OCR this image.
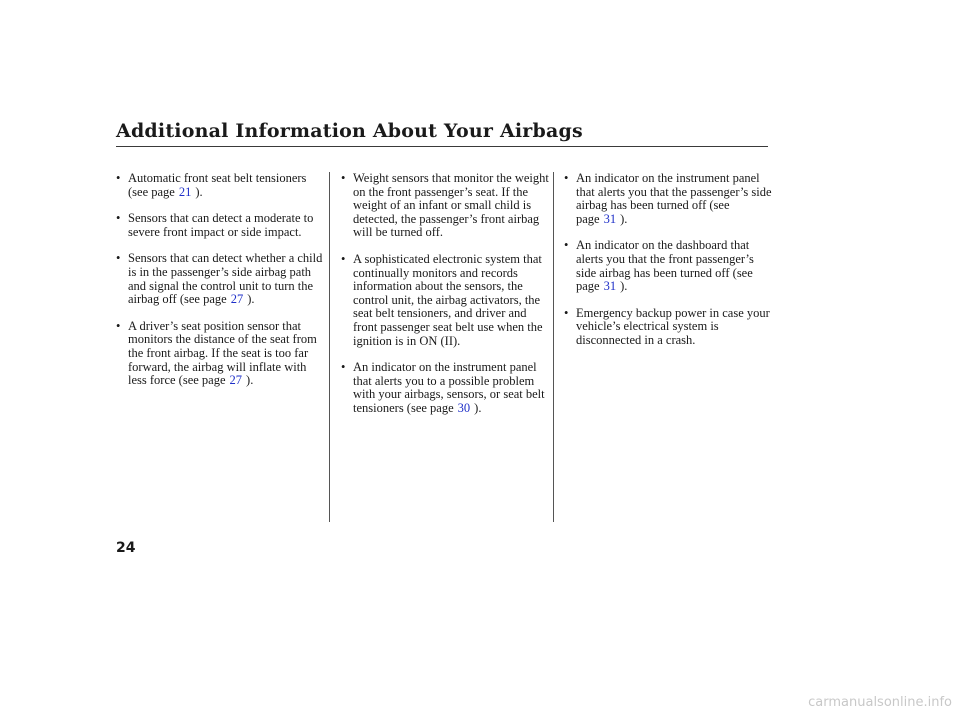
Additional Information About Your Airbags
• Automatic front seat belt tensioners (see page 21 ).
• Sensors that can detect a moderate to severe front impact or side impact.
• Sensors that can detect whether a child is in the passenger’s side airbag path and signal the control unit to turn the airbag off (see page 27 ).
• A driver’s seat position sensor that monitors the distance of the seat from the front airbag. If the seat is too far forward, the airbag will inflate with less force (see page 27 ).
• Weight sensors that monitor the weight on the front passenger’s seat. If the weight of an infant or small child is detected, the passenger’s front airbag will be turned off.
• A sophisticated electronic system that continually monitors and records information about the sensors, the control unit, the airbag activators, the seat belt tensioners, and driver and front passenger seat belt use when the ignition is in ON (II).
• An indicator on the instrument panel that alerts you to a possible problem with your airbags, sensors, or seat belt tensioners (see page 30 ).
• An indicator on the instrument panel that alerts you that the passenger’s side airbag has been turned off (see page 31 ).
• An indicator on the dashboard that alerts you that the front passenger’s side airbag has been turned off (see page 31 ).
• Emergency backup power in case your vehicle’s electrical system is disconnected in a crash.
24
carmanualsonline.info
